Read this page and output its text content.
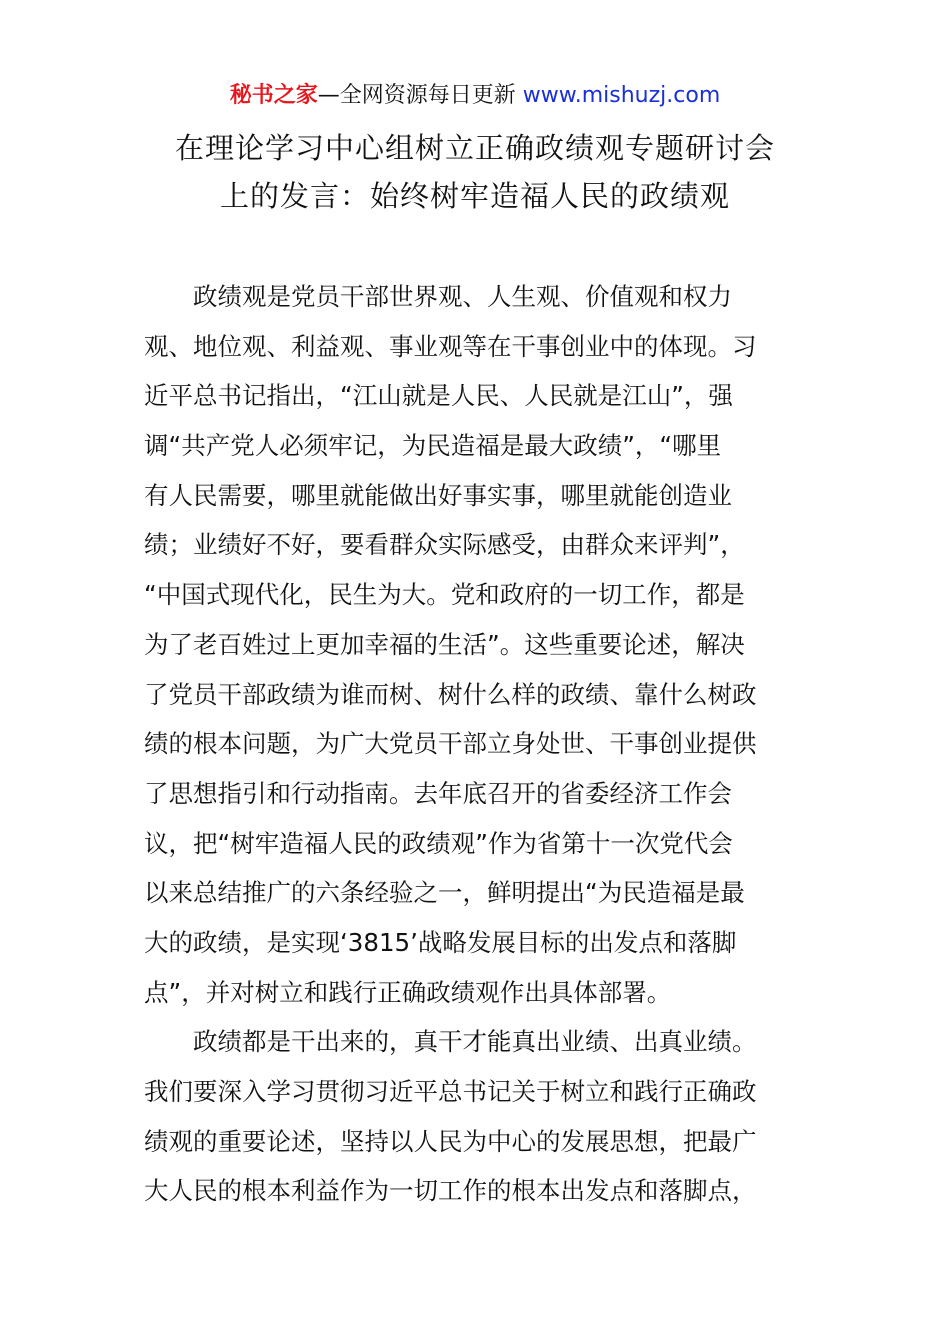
秘书之家—全网资源每日更新 www.mishuzj.com
在理论学习中心组树立正确政绩观专题研讨会
上的发言：始终树牢造福人民的政绩观
政绩观是党员干部世界观、人生观、价值观和权力
观、地位观、利益观、事业观等在干事创业中的体现。习
近平总书记指出，“江山就是人民、人民就是江山”，强
调“共产党人必须牢记，为民造福是最大政绩”，“哪里
有人民需要，哪里就能做出好事实事，哪里就能创造业
绩；业绩好不好，要看群众实际感受，由群众来评判”，
“中国式现代化，民生为大。党和政府的一切工作，都是
为了老百姓过上更加幸福的生活”。这些重要论述，解决
了党员干部政绩为谁而树、树什么样的政绩、靠什么树政
绩的根本问题，为广大党员干部立身处世、干事创业提供
了思想指引和行动指南。去年底召开的省委经济工作会
议，把“树牢造福人民的政绩观”作为省第十一次党代会
以来总结推广的六条经验之一，鲜明提出“为民造福是最
大的政绩，是实现‘3815’战略发展目标的出发点和落脚
点”，并对树立和践行正确政绩观作出具体部署。
政绩都是干出来的，真干才能真出业绩、出真业绩。
我们要深入学习贯彻习近平总书记关于树立和践行正确政
绩观的重要论述，坚持以人民为中心的发展思想，把最广
大人民的根本利益作为一切工作的根本出发点和落脚点，
